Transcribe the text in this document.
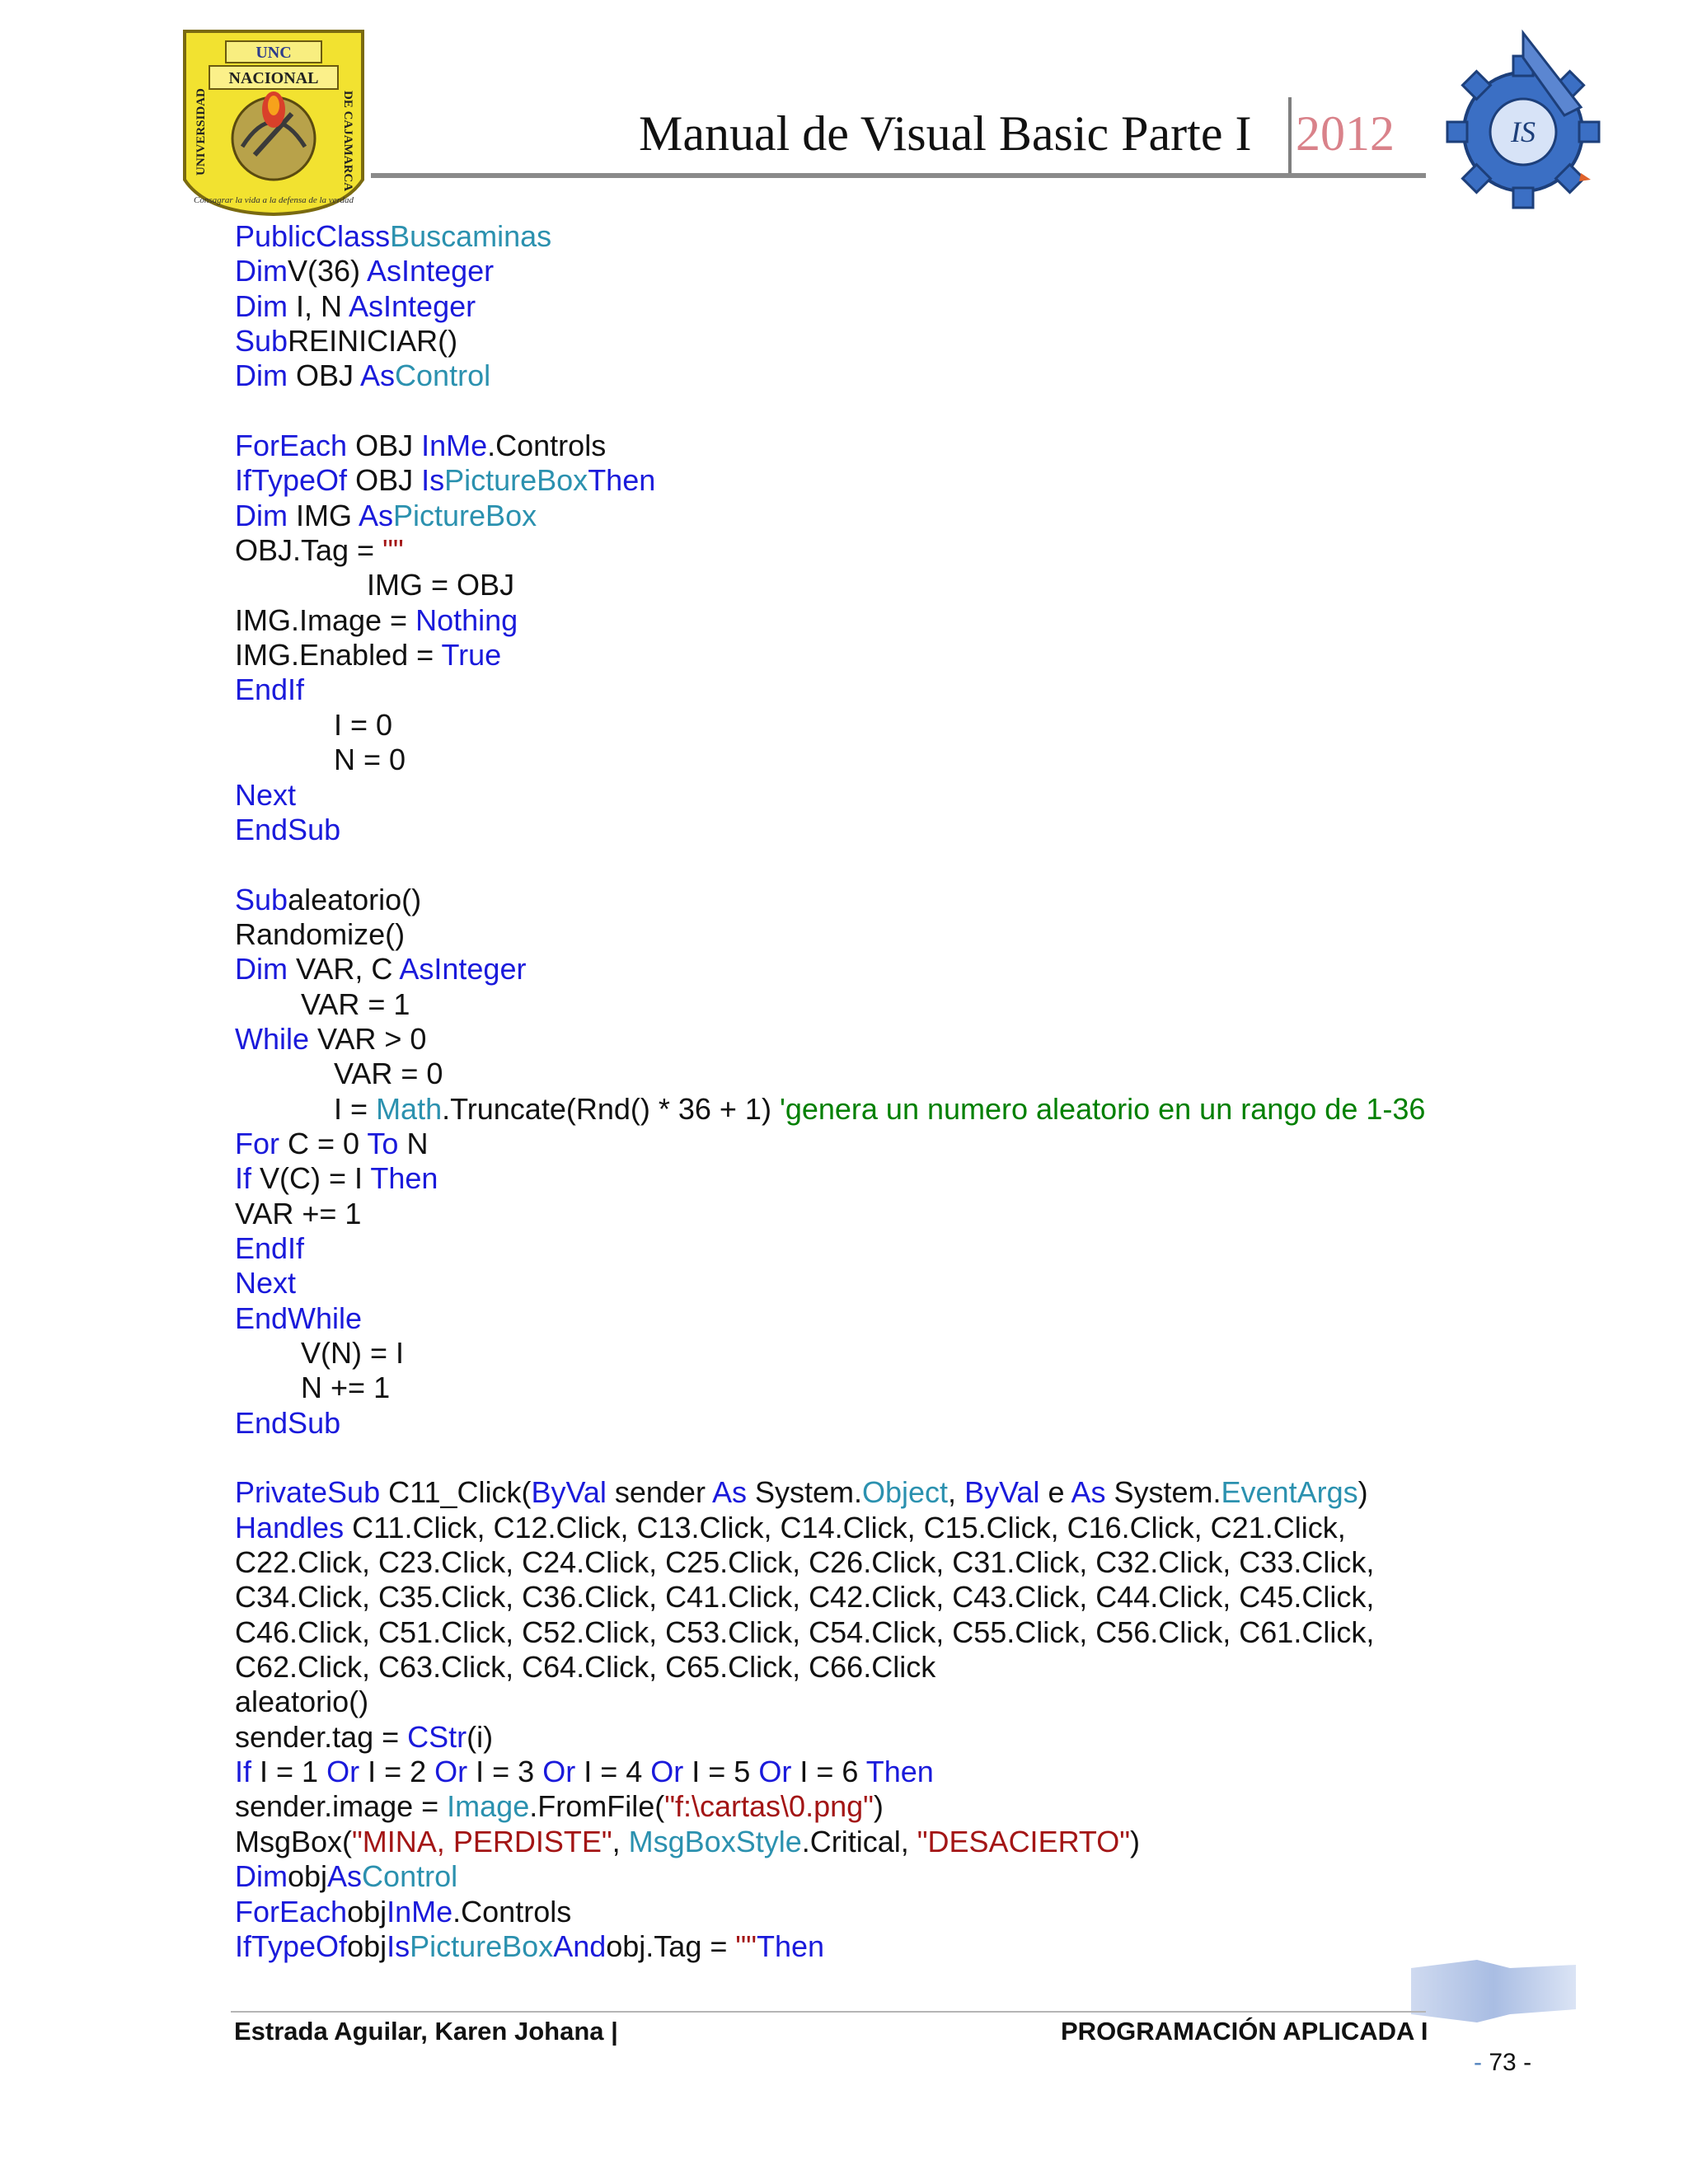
UNC
NACIONAL
UNIVERSIDAD	DE CAJAMARCA
Consagrar la vida a la defensa de la verdad
Manual de Visual Basic Parte I 2012	IS
PublicClassBuscaminas
DimV(36) AsInteger
Dim I, N AsInteger
SubREINICIAR()
Dim OBJ AsControl
ForEach OBJ InMe.Controls
IfTypeOf OBJ IsPictureBoxThen
Dim IMG AsPictureBox
OBJ.Tag = ""
IMG = OBJ
IMG.Image = Nothing
IMG.Enabled = True
EndIf
I = 0
N = 0
Next
EndSub
Subaleatorio()
Randomize()
Dim VAR, C AsInteger
VAR = 1
While VAR > 0
VAR = 0
I = Math.Truncate(Rnd() * 36 + 1) 'genera un numero aleatorio en un rango de 1-36
For C = 0 To N
If V(C) = I Then
VAR += 1
EndIf
Next
EndWhile
V(N) = I
N += 1
EndSub
PrivateSub C11_Click(ByVal sender As System.Object, ByVal e As System.EventArgs)
Handles C11.Click, C12.Click, C13.Click, C14.Click, C15.Click, C16.Click, C21.Click,
C22.Click, C23.Click, C24.Click, C25.Click, C26.Click, C31.Click, C32.Click, C33.Click,
C34.Click, C35.Click, C36.Click, C41.Click, C42.Click, C43.Click, C44.Click, C45.Click,
C46.Click, C51.Click, C52.Click, C53.Click, C54.Click, C55.Click, C56.Click, C61.Click,
C62.Click, C63.Click, C64.Click, C65.Click, C66.Click
aleatorio()
sender.tag = CStr(i)
If I = 1 Or I = 2 Or I = 3 Or I = 4 Or I = 5 Or I = 6 Then
sender.image = Image.FromFile("f:\cartas\0.png")
MsgBox("MINA, PERDISTE", MsgBoxStyle.Critical, "DESACIERTO")
DimobjAsControl
ForEachobjInMe.Controls
IfTypeOfobjIsPictureBoxAndobj.Tag = ""Then
Estrada Aguilar, Karen Johana |	PROGRAMACIÓN APLICADA I
- 73 -
